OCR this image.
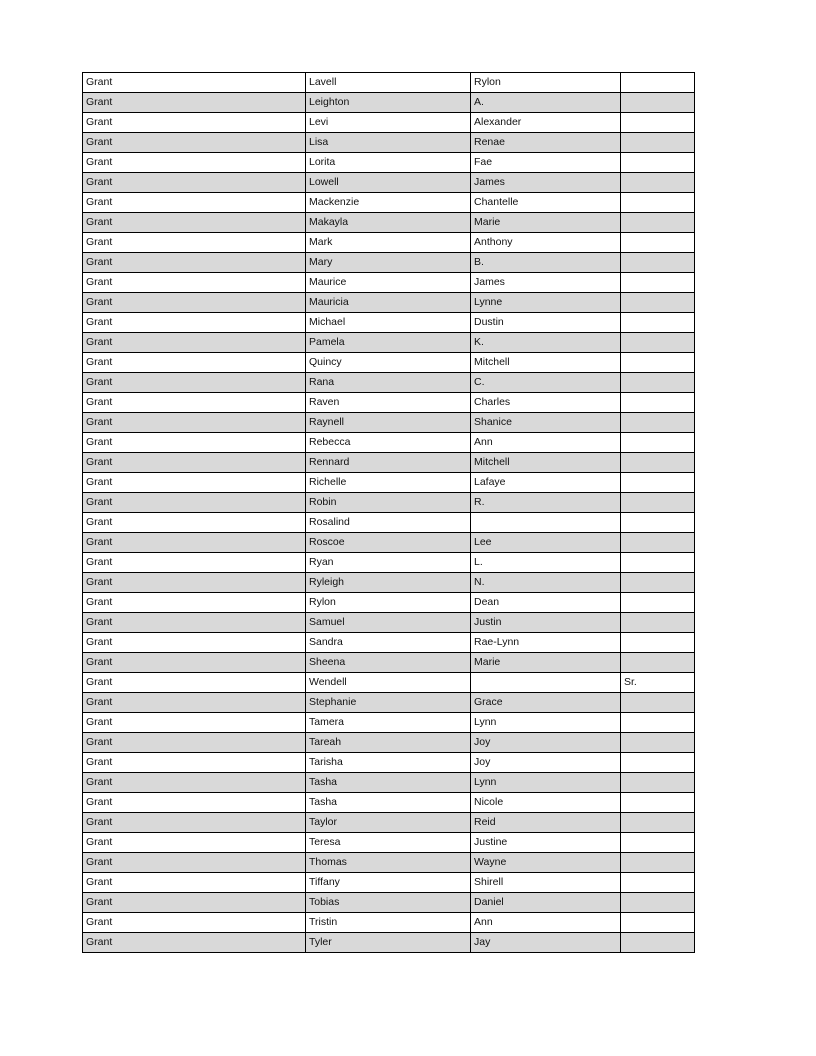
Grant	Lavell	Rylon	
Grant	Leighton	A.	
Grant	Levi	Alexander	
Grant	Lisa	Renae	
Grant	Lorita	Fae	
Grant	Lowell	James	
Grant	Mackenzie	Chantelle	
Grant	Makayla	Marie	
Grant	Mark	Anthony	
Grant	Mary	B.	
Grant	Maurice	James	
Grant	Mauricia	Lynne	
Grant	Michael	Dustin	
Grant	Pamela	K.	
Grant	Quincy	Mitchell	
Grant	Rana	C.	
Grant	Raven	Charles	
Grant	Raynell	Shanice	
Grant	Rebecca	Ann	
Grant	Rennard	Mitchell	
Grant	Richelle	Lafaye	
Grant	Robin	R.	
Grant	Rosalind		
Grant	Roscoe	Lee	
Grant	Ryan	L.	
Grant	Ryleigh	N.	
Grant	Rylon	Dean	
Grant	Samuel	Justin	
Grant	Sandra	Rae-Lynn	
Grant	Sheena	Marie	
Grant	Wendell		Sr.
Grant	Stephanie	Grace	
Grant	Tamera	Lynn	
Grant	Tareah	Joy	
Grant	Tarisha	Joy	
Grant	Tasha	Lynn	
Grant	Tasha	Nicole	
Grant	Taylor	Reid	
Grant	Teresa	Justine	
Grant	Thomas	Wayne	
Grant	Tiffany	Shirell	
Grant	Tobias	Daniel	
Grant	Tristin	Ann	
Grant	Tyler	Jay	
